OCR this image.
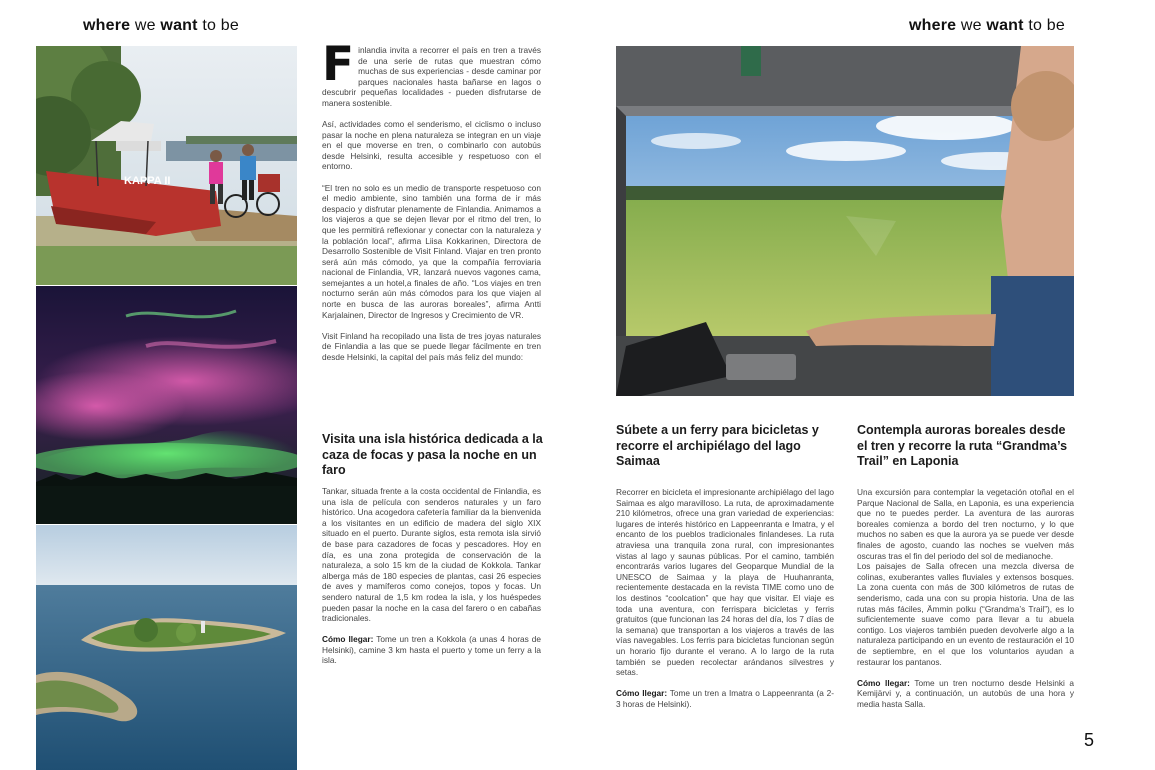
where we want to be	where we want to be
KAPPA II

Finlandia invita a recorrer el país en tren a través de una serie de rutas que muestran cómo muchas de sus experiencias - desde caminar por parques nacionales hasta bañarse en lagos o descubrir pequeñas localidades - pueden disfrutarse de manera sostenible.

Así, actividades como el senderismo, el ciclismo o incluso pasar la noche en plena naturaleza se integran en un viaje en el que moverse en tren, o combinarlo con autobús desde Helsinki, resulta accesible y respetuoso con el entorno.

“El tren no solo es un medio de transporte respetuoso con el medio ambiente, sino también una forma de ir más despacio y disfrutar plenamente de Finlandia. Animamos a los viajeros a que se dejen llevar por el ritmo del tren, lo que les permitirá reflexionar y conectar con la naturaleza y la población local”, afirma Liisa Kokkarinen, Directora de Desarrollo Sostenible de Visit Finland. Viajar en tren pronto será aún más cómodo, ya que la compañía ferroviaria nacional de Finlandia, VR, lanzará nuevos vagones cama, semejantes a un hotel,a finales de año. “Los viajes en tren nocturno serán aún más cómodos para los que viajen al norte en busca de las auroras boreales”, afirma Antti Karjalainen, Director de Ingresos y Crecimiento de VR.

Visit Finland ha recopilado una lista de tres joyas naturales de Finlandia a las que se puede llegar fácilmente en tren desde Helsinki, la capital del país más feliz del mundo:

Visita una isla histórica dedicada a la caza de focas y pasa la noche en un faro

Tankar, situada frente a la costa occidental de Finlandia, es una isla de película con senderos naturales y un faro histórico. Una acogedora cafetería familiar da la bienvenida a los visitantes en un edificio de madera del siglo XIX situado en el puerto. Durante siglos, esta remota isla sirvió de base para cazadores de focas y pescadores. Hoy en día, es una zona protegida de conservación de la naturaleza, a solo 15 km de la ciudad de Kokkola. Tankar alberga más de 180 especies de plantas, casi 26 especies de aves y mamíferos como conejos, topos y focas. Un sendero natural de 1,5 km rodea la isla, y los huéspedes pueden pasar la noche en la casa del farero o en cabañas tradicionales.

Cómo llegar: Tome un tren a Kokkola (a unas 4 horas de Helsinki), camine 3 km hasta el puerto y tome un ferry a la isla.

Súbete a un ferry para bicicletas y recorre el archipiélago del lago Saimaa

Recorrer en bicicleta el impresionante archipiélago del lago Saimaa es algo maravilloso. La ruta, de aproximadamente 210 kilómetros, ofrece una gran variedad de experiencias: lugares de interés histórico en Lappeenranta e Imatra, y el encanto de los pueblos tradicionales finlandeses. La ruta atraviesa una tranquila zona rural, con impresionantes vistas al lago y saunas públicas. Por el camino, también encontrarás varios lugares del Geoparque Mundial de la UNESCO de Saimaa y la playa de Huuhanranta, recientemente destacada en la revista TIME como uno de los destinos “coolcation” que hay que visitar. El viaje es toda una aventura, con ferrispara bicicletas y ferris gratuitos (que funcionan las 24 horas del día, los 7 días de la semana) que transportan a los viajeros a través de las vías navegables. Los ferris para bicicletas funcionan según un horario fijo durante el verano. A lo largo de la ruta también se pueden recolectar arándanos silvestres y setas.

Cómo llegar: Tome un tren a Imatra o Lappeenranta (a 2-3 horas de Helsinki).

Contempla auroras boreales desde el tren y recorre la ruta “Grandma’s Trail” en Laponia

Una excursión para contemplar la vegetación otoñal en el Parque Nacional de Salla, en Laponia, es una experiencia que no te puedes perder. La aventura de las auroras boreales comienza a bordo del tren nocturno, y lo que muchos no saben es que la aurora ya se puede ver desde finales de agosto, cuando las noches se vuelven más oscuras tras el fin del periodo del sol de medianoche.

Los paisajes de Salla ofrecen una mezcla diversa de colinas, exuberantes valles fluviales y extensos bosques. La zona cuenta con más de 300 kilómetros de rutas de senderismo, cada una con su propia historia. Una de las rutas más fáciles, Ämmin polku (“Grandma’s Trail”), es lo suficientemente suave como para llevar a tu abuela contigo. Los viajeros también pueden devolverle algo a la naturaleza participando en un evento de restauración el 10 de septiembre, en el que los voluntarios ayudan a restaurar los pantanos.

Cómo llegar: Tome un tren nocturno desde Helsinki a Kemijärvi y, a continuación, un autobús de una hora y media hasta Salla.

5
